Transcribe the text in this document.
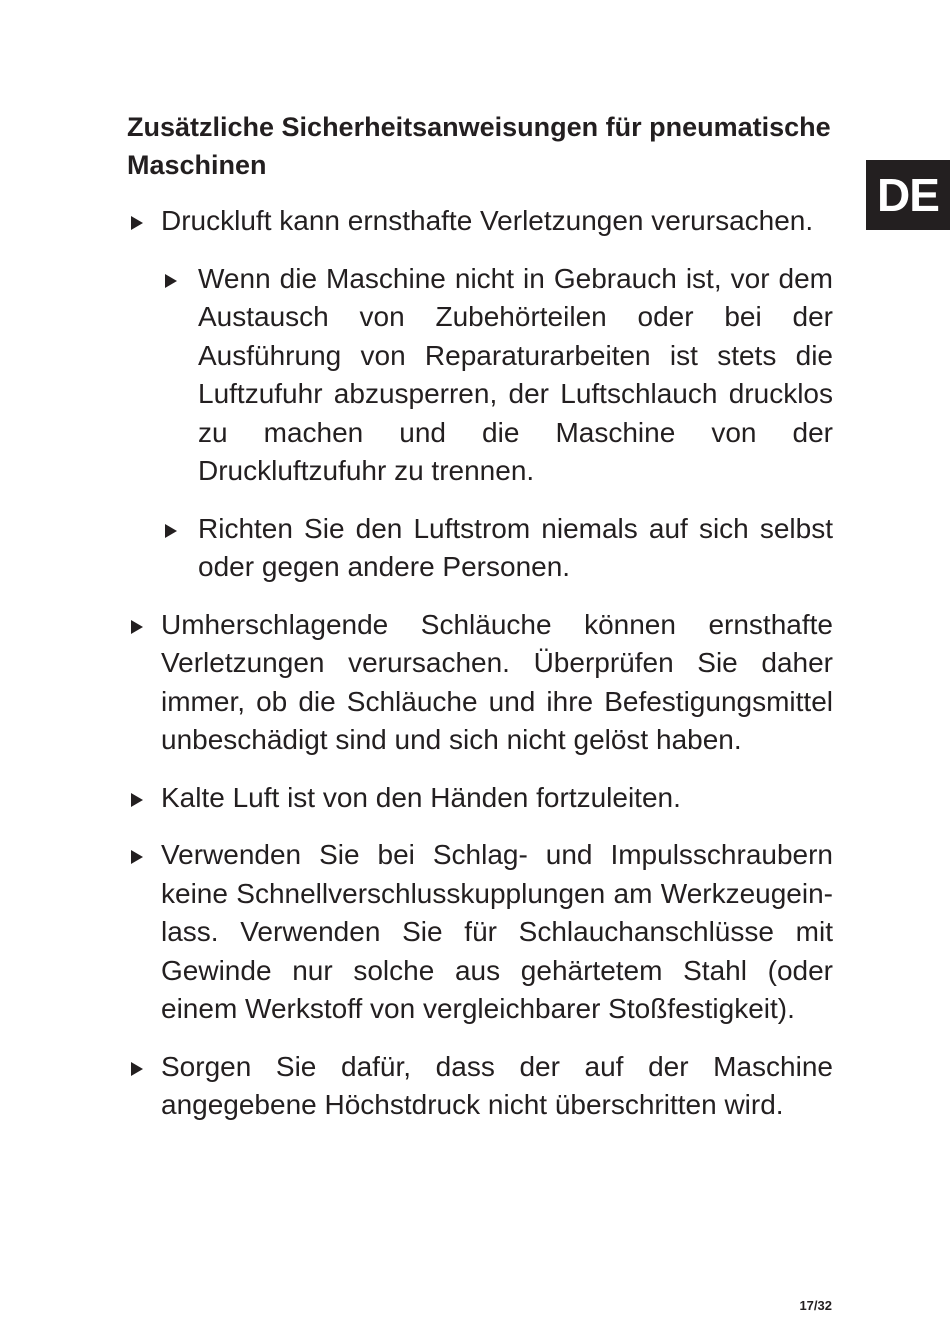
DE
Zusätzliche Sicherheitsanweisungen für pneumatische Maschinen
Druckluft kann ernsthafte Verletzungen verursachen.
Wenn die Maschine nicht in Gebrauch ist, vor dem Austausch von Zubehörteilen oder bei der Ausführung von Reparaturarbeiten ist stets die Luftzufuhr abzusperren, der Luftschlauch drucklos zu machen und die Maschine von der Druckluftzufuhr zu trennen.
Richten Sie den Luftstrom niemals auf sich selbst oder gegen andere Personen.
Umherschlagende Schläuche können ernsthafte Verletzungen verursachen. Überprüfen Sie daher immer, ob die Schläuche und ihre Befestigungsmittel unbeschädigt sind und sich nicht gelöst haben.
Kalte Luft ist von den Händen fortzuleiten.
Verwenden Sie bei Schlag- und Impulsschraubern keine Schnellverschlusskupplungen am Werkzeugein-lass. Verwenden Sie für Schlauchanschlüsse mit Gewinde nur solche aus gehärtetem Stahl (oder einem Werkstoff von vergleichbarer Stoßfestigkeit).
Sorgen Sie dafür, dass der auf der Maschine angegebene Höchstdruck nicht überschritten wird.
17/32
